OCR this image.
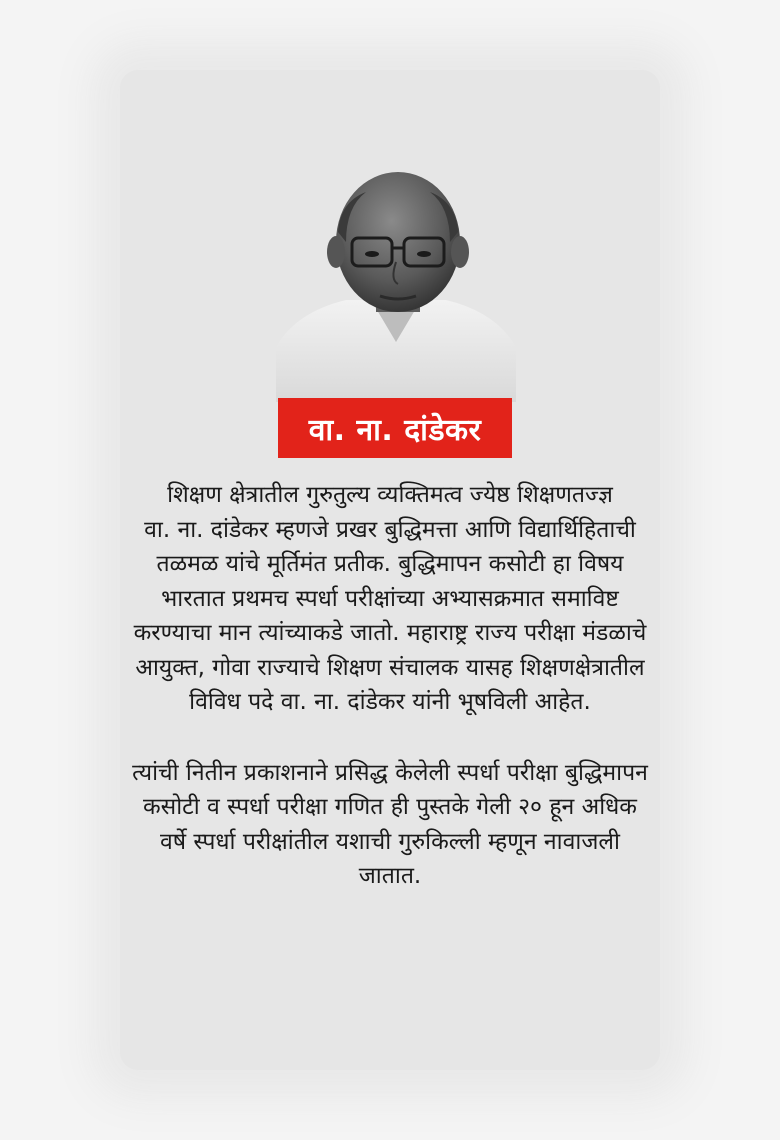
वा. ना. दांडेकर

शिक्षण क्षेत्रातील गुरुतुल्य व्यक्तिमत्व ज्येष्ठ शिक्षणतज्ज्ञ

वा. ना. दांडेकर म्हणजे प्रखर बुद्धिमत्ता आणि विद्यार्थिहिताची तळमळ यांचे मूर्तिमंत प्रतीक. बुद्धिमापन कसोटी हा विषय भारतात प्रथमच स्पर्धा परीक्षांच्या अभ्यासक्रमात समाविष्ट करण्याचा मान त्यांच्याकडे जातो. महाराष्ट्र राज्य परीक्षा मंडळाचे आयुक्त, गोवा राज्याचे शिक्षण संचालक यासह शिक्षणक्षेत्रातील विविध पदे वा. ना. दांडेकर यांनी भूषविली आहेत.

त्यांची नितीन प्रकाशनाने प्रसिद्ध केलेली स्पर्धा परीक्षा बुद्धिमापन कसोटी व स्पर्धा परीक्षा गणित ही पुस्तके गेली २० हून अधिक वर्षे स्पर्धा परीक्षांतील यशाची गुरुकिल्ली म्हणून नावाजली जातात.
